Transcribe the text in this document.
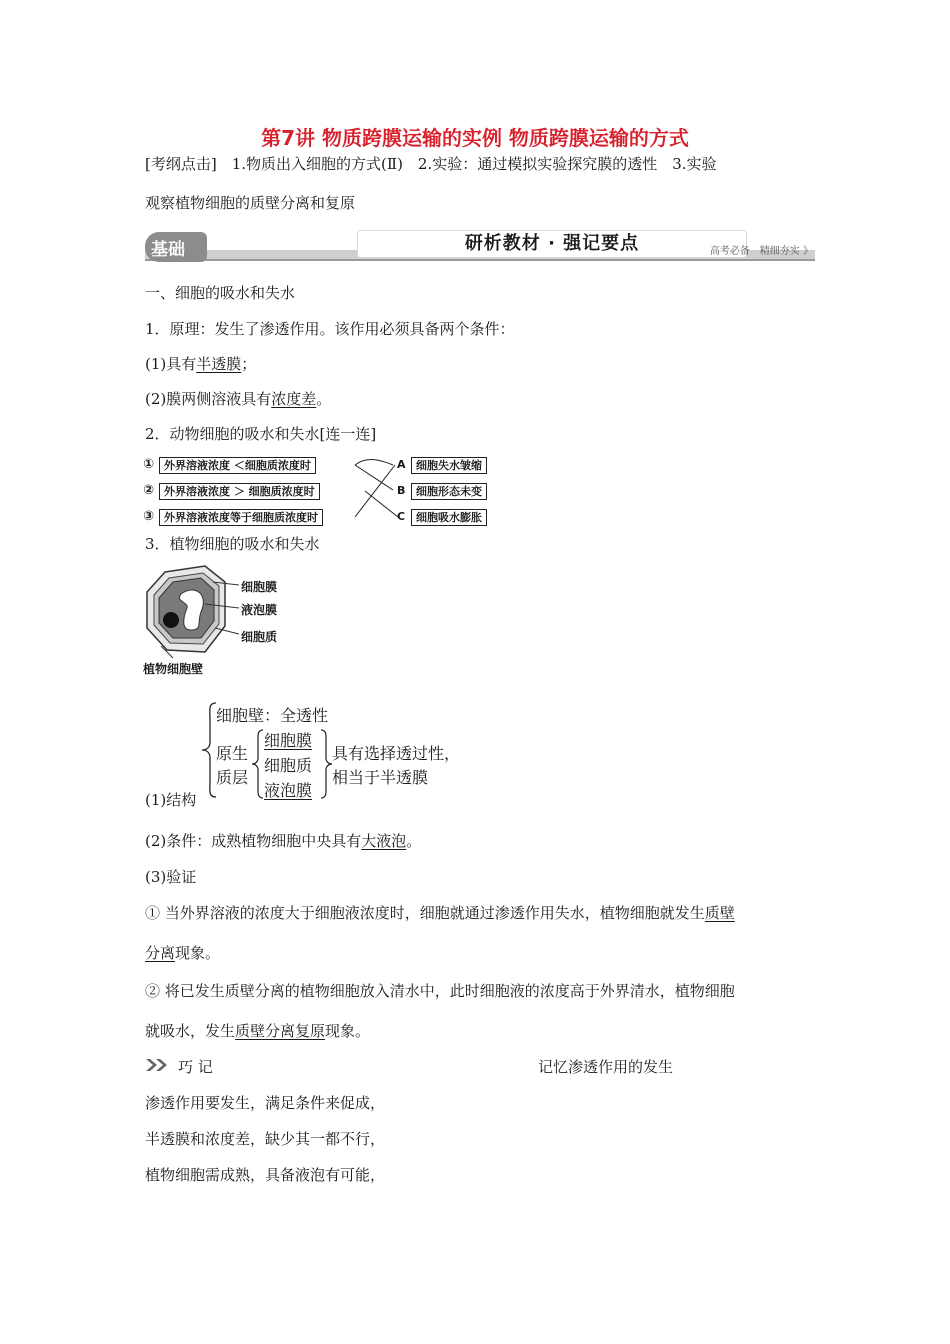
第7讲 物质跨膜运输的实例 物质跨膜运输的方式
[考纲点击]　1.物质出入细胞的方式(Ⅱ)　2.实验：通过模拟实验探究膜的透性　3.实验
观察植物细胞的质壁分离和复原
基础	研析教材 · 强记要点	高考必备　精细夯实 》
一、细胞的吸水和失水
1．原理：发生了渗透作用。该作用必须具备两个条件：
(1)具有半透膜；
(2)膜两侧溶液具有浓度差。
2．动物细胞的吸水和失水[连一连]
① 外界溶液浓度 ＜细胞质浓度时
② 外界溶液浓度 ＞ 细胞质浓度时
③ 外界溶液浓度等于细胞质浓度时
A 细胞失水皱缩
B 细胞形态未变
C 细胞吸水膨胀
3．植物细胞的吸水和失水
细胞膜
液泡膜
细胞质
植物细胞壁
(1)结构
细胞壁：全透性
原生
质层
细胞膜
细胞质
液泡膜
具有选择透过性，
相当于半透膜
(2)条件：成熟植物细胞中央具有大液泡。
(3)验证
① 当外界溶液的浓度大于细胞液浓度时，细胞就通过渗透作用失水，植物细胞就发生质壁
分离现象。
② 将已发生质壁分离的植物细胞放入清水中，此时细胞液的浓度高于外界清水，植物细胞
就吸水，发生质壁分离复原现象。
巧 记	记忆渗透作用的发生
渗透作用要发生，满足条件来促成，
半透膜和浓度差，缺少其一都不行，
植物细胞需成熟，具备液泡有可能，
